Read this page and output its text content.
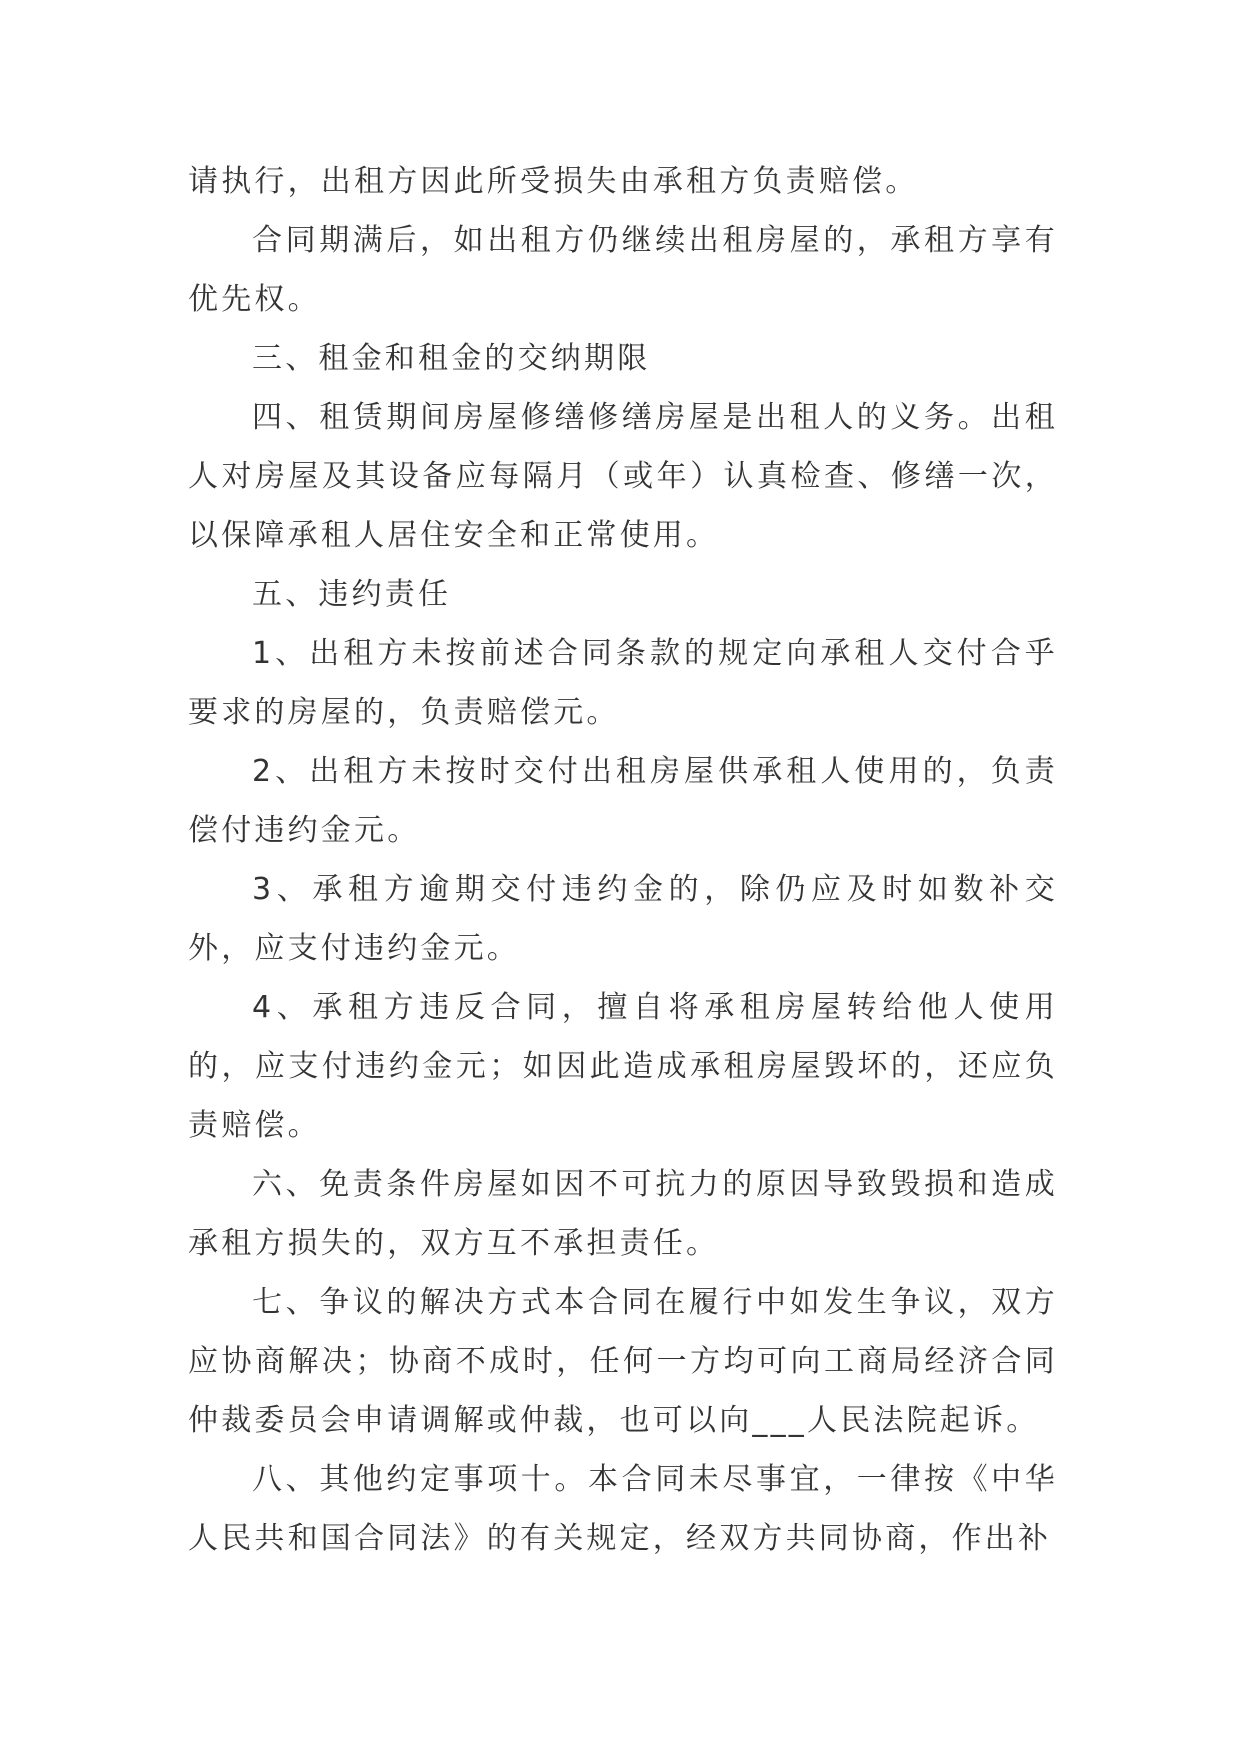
请执行，出租方因此所受损失由承租方负责赔偿。

合同期满后，如出租方仍继续出租房屋的，承租方享有优先权。

三、租金和租金的交纳期限

四、租赁期间房屋修缮修缮房屋是出租人的义务。出租人对房屋及其设备应每隔月（或年）认真检查、修缮一次，以保障承租人居住安全和正常使用。

五、违约责任

1、出租方未按前述合同条款的规定向承租人交付合乎要求的房屋的，负责赔偿元。

2、出租方未按时交付出租房屋供承租人使用的，负责偿付违约金元。

3、承租方逾期交付违约金的，除仍应及时如数补交外，应支付违约金元。

4、承租方违反合同，擅自将承租房屋转给他人使用的，应支付违约金元；如因此造成承租房屋毁坏的，还应负责赔偿。

六、免责条件房屋如因不可抗力的原因导致毁损和造成承租方损失的，双方互不承担责任。

七、争议的解决方式本合同在履行中如发生争议，双方应协商解决；协商不成时，任何一方均可向工商局经济合同仲裁委员会申请调解或仲裁，也可以向___人民法院起诉。

八、其他约定事项十。本合同未尽事宜，一律按《中华人民共和国合同法》的有关规定，经双方共同协商，作出补
